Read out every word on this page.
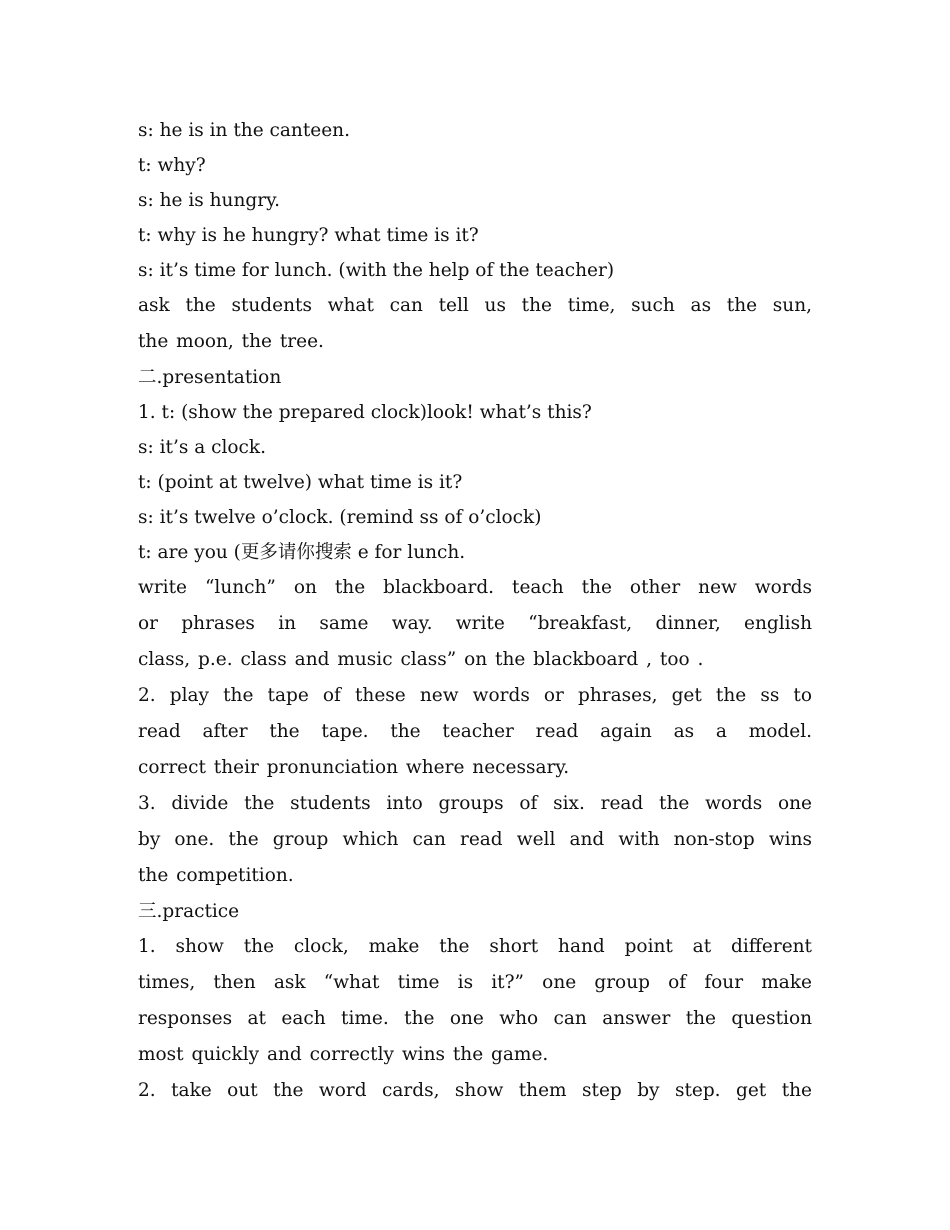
s: he is in the canteen.
t: why?
s: he is hungry.
t: why is he hungry? what time is it?
s: it’s time for lunch. (with the help of the teacher)
ask the students what can tell us the time, such as the sun,
the moon, the tree.
二.presentation
1. t: (show the prepared clock)look! what’s this?
s: it’s a clock.
t: (point at twelve) what time is it?
s: it’s twelve o’clock. (remind ss of o’clock)
t: are you (更多请你搜索 e for lunch.
write “lunch” on the blackboard. teach the other new words
or phrases in same way. write “breakfast, dinner, english
class, p.e. class and music class” on the blackboard , too .
2. play the tape of these new words or phrases, get the ss to
read after the tape. the teacher read again as a model.
correct their pronunciation where necessary.
3. divide the students into groups of six. read the words one
by one. the group which can read well and with non-stop wins
the competition.
三.practice
1. show the clock, make the short hand point at different
times, then ask “what time is it?” one group of four make
responses at each time. the one who can answer the question
most quickly and correctly wins the game.
2. take out the word cards, show them step by step. get the
